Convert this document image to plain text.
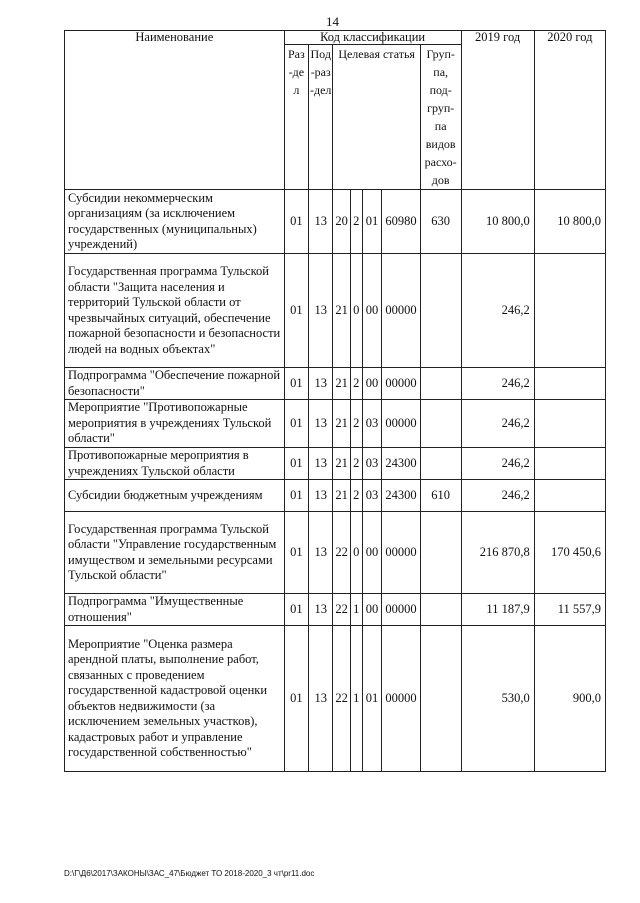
14
Наименование	Код классификации							2019 год	2020 год

	Раз-дел	Под-раз-дел	Целевая статья				Груп-па, под-груп-па видов расхо-дов		

Субсидии некоммерческим организациям (за исключением государственных (муниципальных) учреждений)	01	13	20	2	01	60980	630	10 800,0	10 800,0
Государственная программа Тульской области "Защита населения и территорий Тульской области от чрезвычайных ситуаций, обеспечение пожарной безопасности и безопасности людей на водных объектах"	01	13	21	0	00	00000		246,2	
Подпрограмма "Обеспечение пожарной безопасности"	01	13	21	2	00	00000		246,2	
Мероприятие "Противопожарные мероприятия в учреждениях Тульской области"	01	13	21	2	03	00000		246,2	
Противопожарные мероприятия в учреждениях Тульской области	01	13	21	2	03	24300		246,2	
Субсидии бюджетным учреждениям	01	13	21	2	03	24300	610	246,2	
Государственная программа Тульской области "Управление государственным имуществом и земельными ресурсами Тульской области"	01	13	22	0	00	00000		216 870,8	170 450,6
Подпрограмма "Имущественные отношения"	01	13	22	1	00	00000		11 187,9	11 557,9
Мероприятие "Оценка размера арендной платы, выполнение работ, связанных с проведением государственной кадастровой оценки объектов недвижимости (за исключением земельных участков), кадастровых работ и управление государственной собственностью"	01	13	22	1	01	00000		530,0	900,0
D:\Г\Д6\2017\ЗАКОНЫ\ЗАС_47\Бюджет ТО 2018-2020_3 чт\pr11.doc
